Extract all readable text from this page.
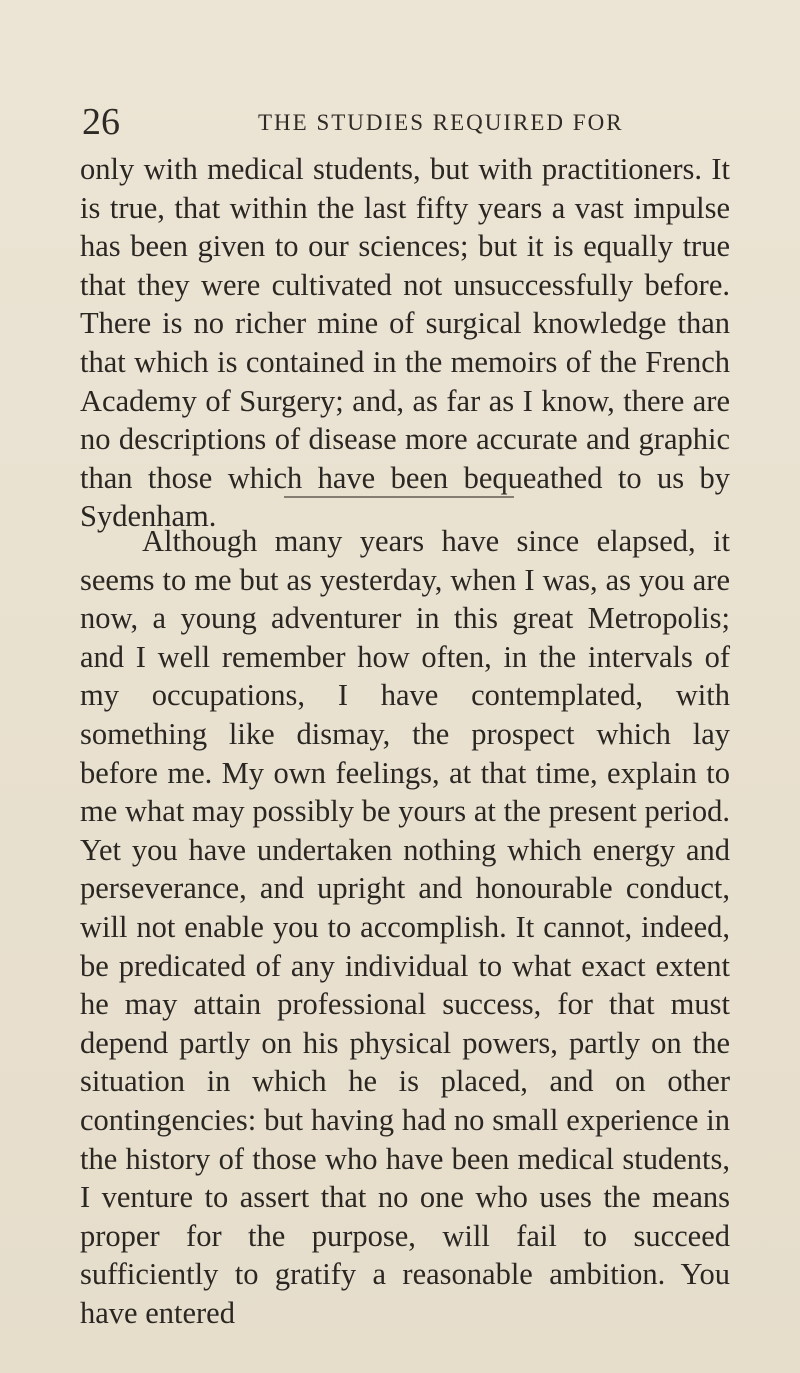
26	THE STUDIES REQUIRED FOR

only with medical students, but with practitioners. It is true, that within the last fifty years a vast impulse has been given to our sciences; but it is equally true that they were cultivated not unsuccessfully before. There is no richer mine of surgical knowledge than that which is contained in the memoirs of the French Academy of Surgery; and, as far as I know, there are no descriptions of disease more accurate and graphic than those which have been bequeathed to us by Sydenham.

Although many years have since elapsed, it seems to me but as yesterday, when I was, as you are now, a young adventurer in this great Metropolis; and I well remember how often, in the intervals of my occupations, I have contemplated, with something like dismay, the prospect which lay before me. My own feelings, at that time, explain to me what may possibly be yours at the present period. Yet you have undertaken nothing which energy and perseverance, and upright and honourable conduct, will not enable you to accomplish. It cannot, indeed, be predicated of any individual to what exact extent he may attain professional success, for that must depend partly on his physical powers, partly on the situation in which he is placed, and on other contingencies: but having had no small experience in the history of those who have been medical students, I venture to assert that no one who uses the means proper for the purpose, will fail to succeed sufficiently to gratify a reasonable ambition. You have entered
